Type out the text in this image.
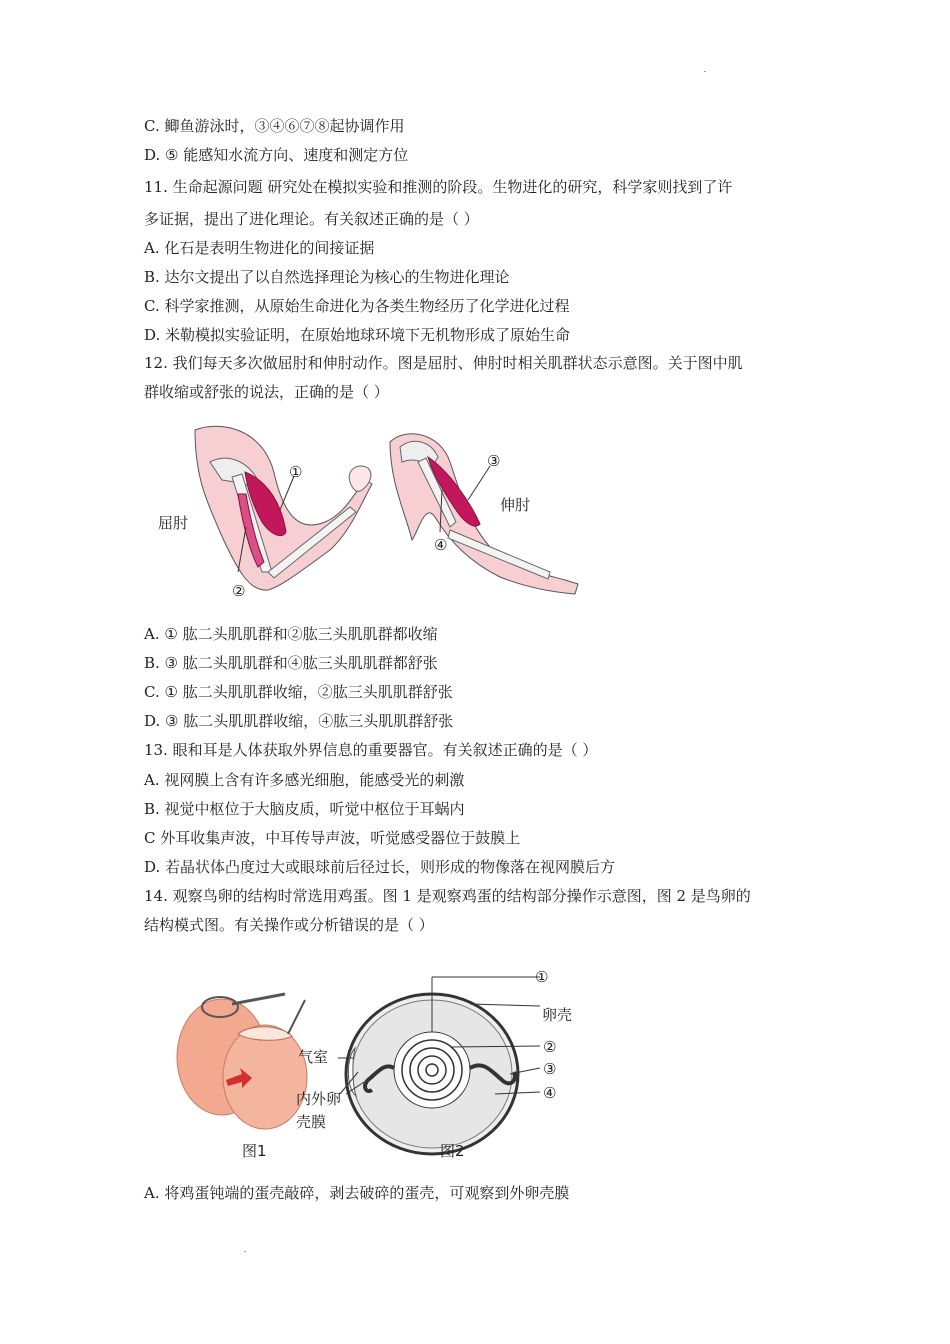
C. 鲫鱼游泳时，③④⑥⑦⑧起协调作用
D. ⑤ 能感知水流方向、速度和测定方位
11. 生命起源问题 研究处在模拟实验和推测的阶段。生物进化的研究，科学家则找到了许
多证据，提出了进化理论。有关叙述正确的是（ ）
A. 化石是表明生物进化的间接证据
B. 达尔文提出了以自然选择理论为核心的生物进化理论
C. 科学家推测，从原始生命进化为各类生物经历了化学进化过程
D. 米勒模拟实验证明，在原始地球环境下无机物形成了原始生命
12. 我们每天多次做屈肘和伸肘动作。图是屈肘、伸肘时相关肌群状态示意图。关于图中肌
群收缩或舒张的说法，正确的是（ ）
屈肘
伸肘
①
②
③
④
A. ① 肱二头肌肌群和②肱三头肌肌群都收缩
B. ③ 肱二头肌肌群和④肱三头肌肌群都舒张
C. ① 肱二头肌肌群收缩，②肱三头肌肌群舒张
D. ③ 肱二头肌肌群收缩，④肱三头肌肌群舒张
13. 眼和耳是人体获取外界信息的重要器官。有关叙述正确的是（ ）
A. 视网膜上含有许多感光细胞，能感受光的刺激
B. 视觉中枢位于大脑皮质，听觉中枢位于耳蜗内
C 外耳收集声波，中耳传导声波，听觉感受器位于鼓膜上
D. 若晶状体凸度过大或眼球前后径过长，则形成的物像落在视网膜后方
14. 观察鸟卵的结构时常选用鸡蛋。图 1 是观察鸡蛋的结构部分操作示意图，图 2 是鸟卵的
结构模式图。有关操作或分析错误的是（ ）
①
卵壳
②
③
④
气室
内外卵
壳膜
图1	图2
A. 将鸡蛋钝端的蛋壳敲碎，剥去破碎的蛋壳，可观察到外卵壳膜
